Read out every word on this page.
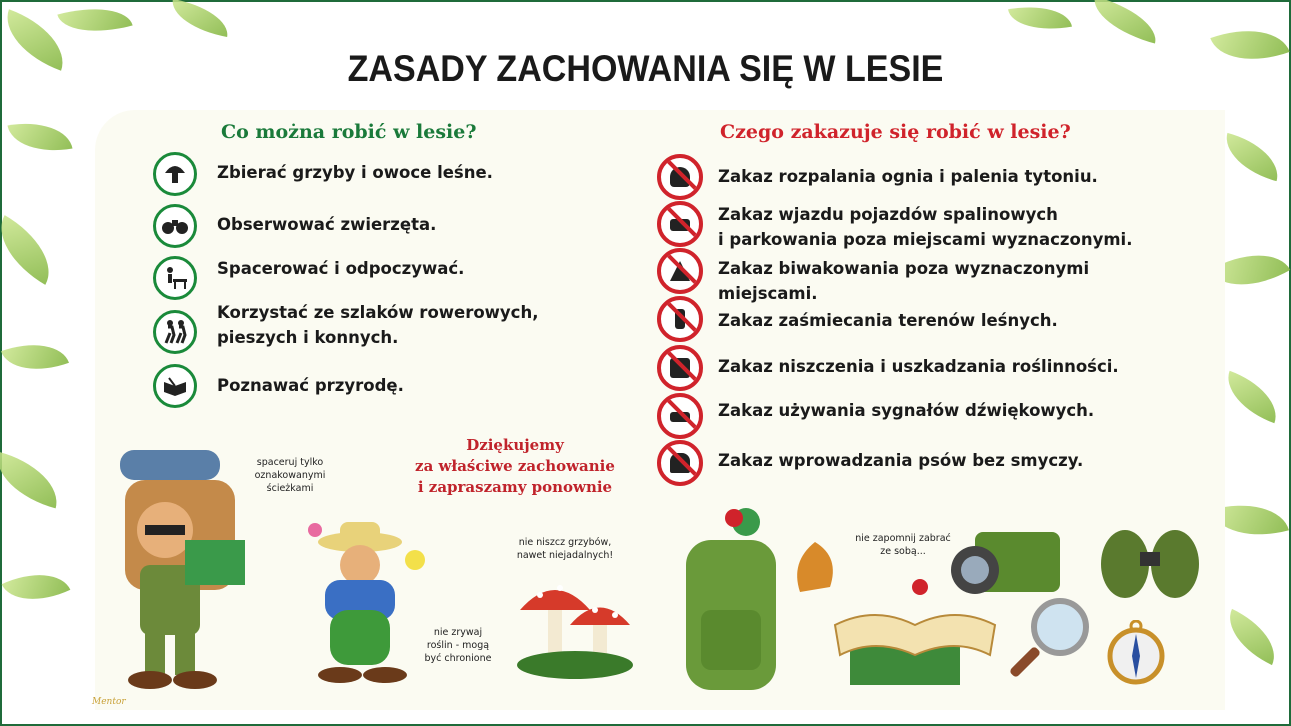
ZASADY ZACHOWANIA SIĘ W LESIE
Co można robić w lesie?	Czego zakazuje się robić w lesie?
Zbierać grzyby i owoce leśne.
Obserwować zwierzęta.
Spacerować i odpoczywać.
Korzystać ze szlaków rowerowych,
pieszych i konnych.
Poznawać przyrodę.
Zakaz rozpalania ognia i palenia tytoniu.
Zakaz wjazdu pojazdów spalinowych
i parkowania poza miejscami wyznaczonymi.
Zakaz biwakowania poza wyznaczonymi
miejscami.
Zakaz zaśmiecania terenów leśnych.
Zakaz niszczenia i uszkadzania roślinności.
Zakaz używania sygnałów dźwiękowych.
Zakaz wprowadzania psów bez smyczy.
Dziękujemy
za właściwe zachowanie
i zapraszamy ponownie
spaceruj tylko
oznakowanymi
ścieżkami
nie zrywaj
roślin - mogą
być chronione
nie niszcz grzybów,
nawet niejadalnych!
nie zapomnij zabrać
ze sobą...
Mentor
